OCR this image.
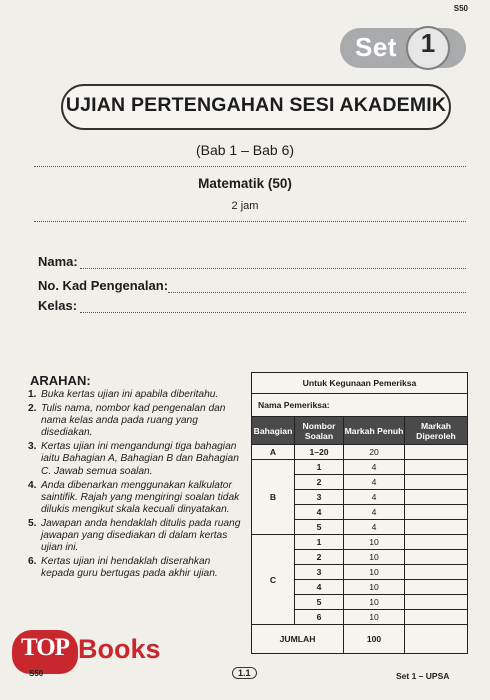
S50
Set 1
UJIAN PERTENGAHAN SESI AKADEMIK
(Bab 1 – Bab 6)
Matematik (50)
2 jam
Nama:
No. Kad Pengenalan:
Kelas:
ARAHAN:
1. Buka kertas ujian ini apabila diberitahu.
2. Tulis nama, nombor kad pengenalan dan nama kelas anda pada ruang yang disediakan.
3. Kertas ujian ini mengandungi tiga bahagian iaitu Bahagian A, Bahagian B dan Bahagian C. Jawab semua soalan.
4. Anda dibenarkan menggunakan kalkulator saintifik. Rajah yang mengiringi soalan tidak dilukis mengikut skala kecuali dinyatakan.
5. Jawapan anda hendaklah ditulis pada ruang jawapan yang disediakan di dalam kertas ujian ini.
6. Kertas ujian ini hendaklah diserahkan kepada guru bertugas pada akhir ujian.
Untuk Kegunaan Pemeriksa			
Nama Pemeriksa:			
Bahagian	Nombor Soalan	Markah Penuh	Markah Diperoleh
A	1–20	20	
B	1	4	
	2	4	
	3	4	
	4	4	
	5	4	
C	1	10	
	2	10	
	3	10	
	4	10	
	5	10	
	6	10	
JUMLAH		100	
TOP Books
S50	1.1	Set 1 – UPSA
